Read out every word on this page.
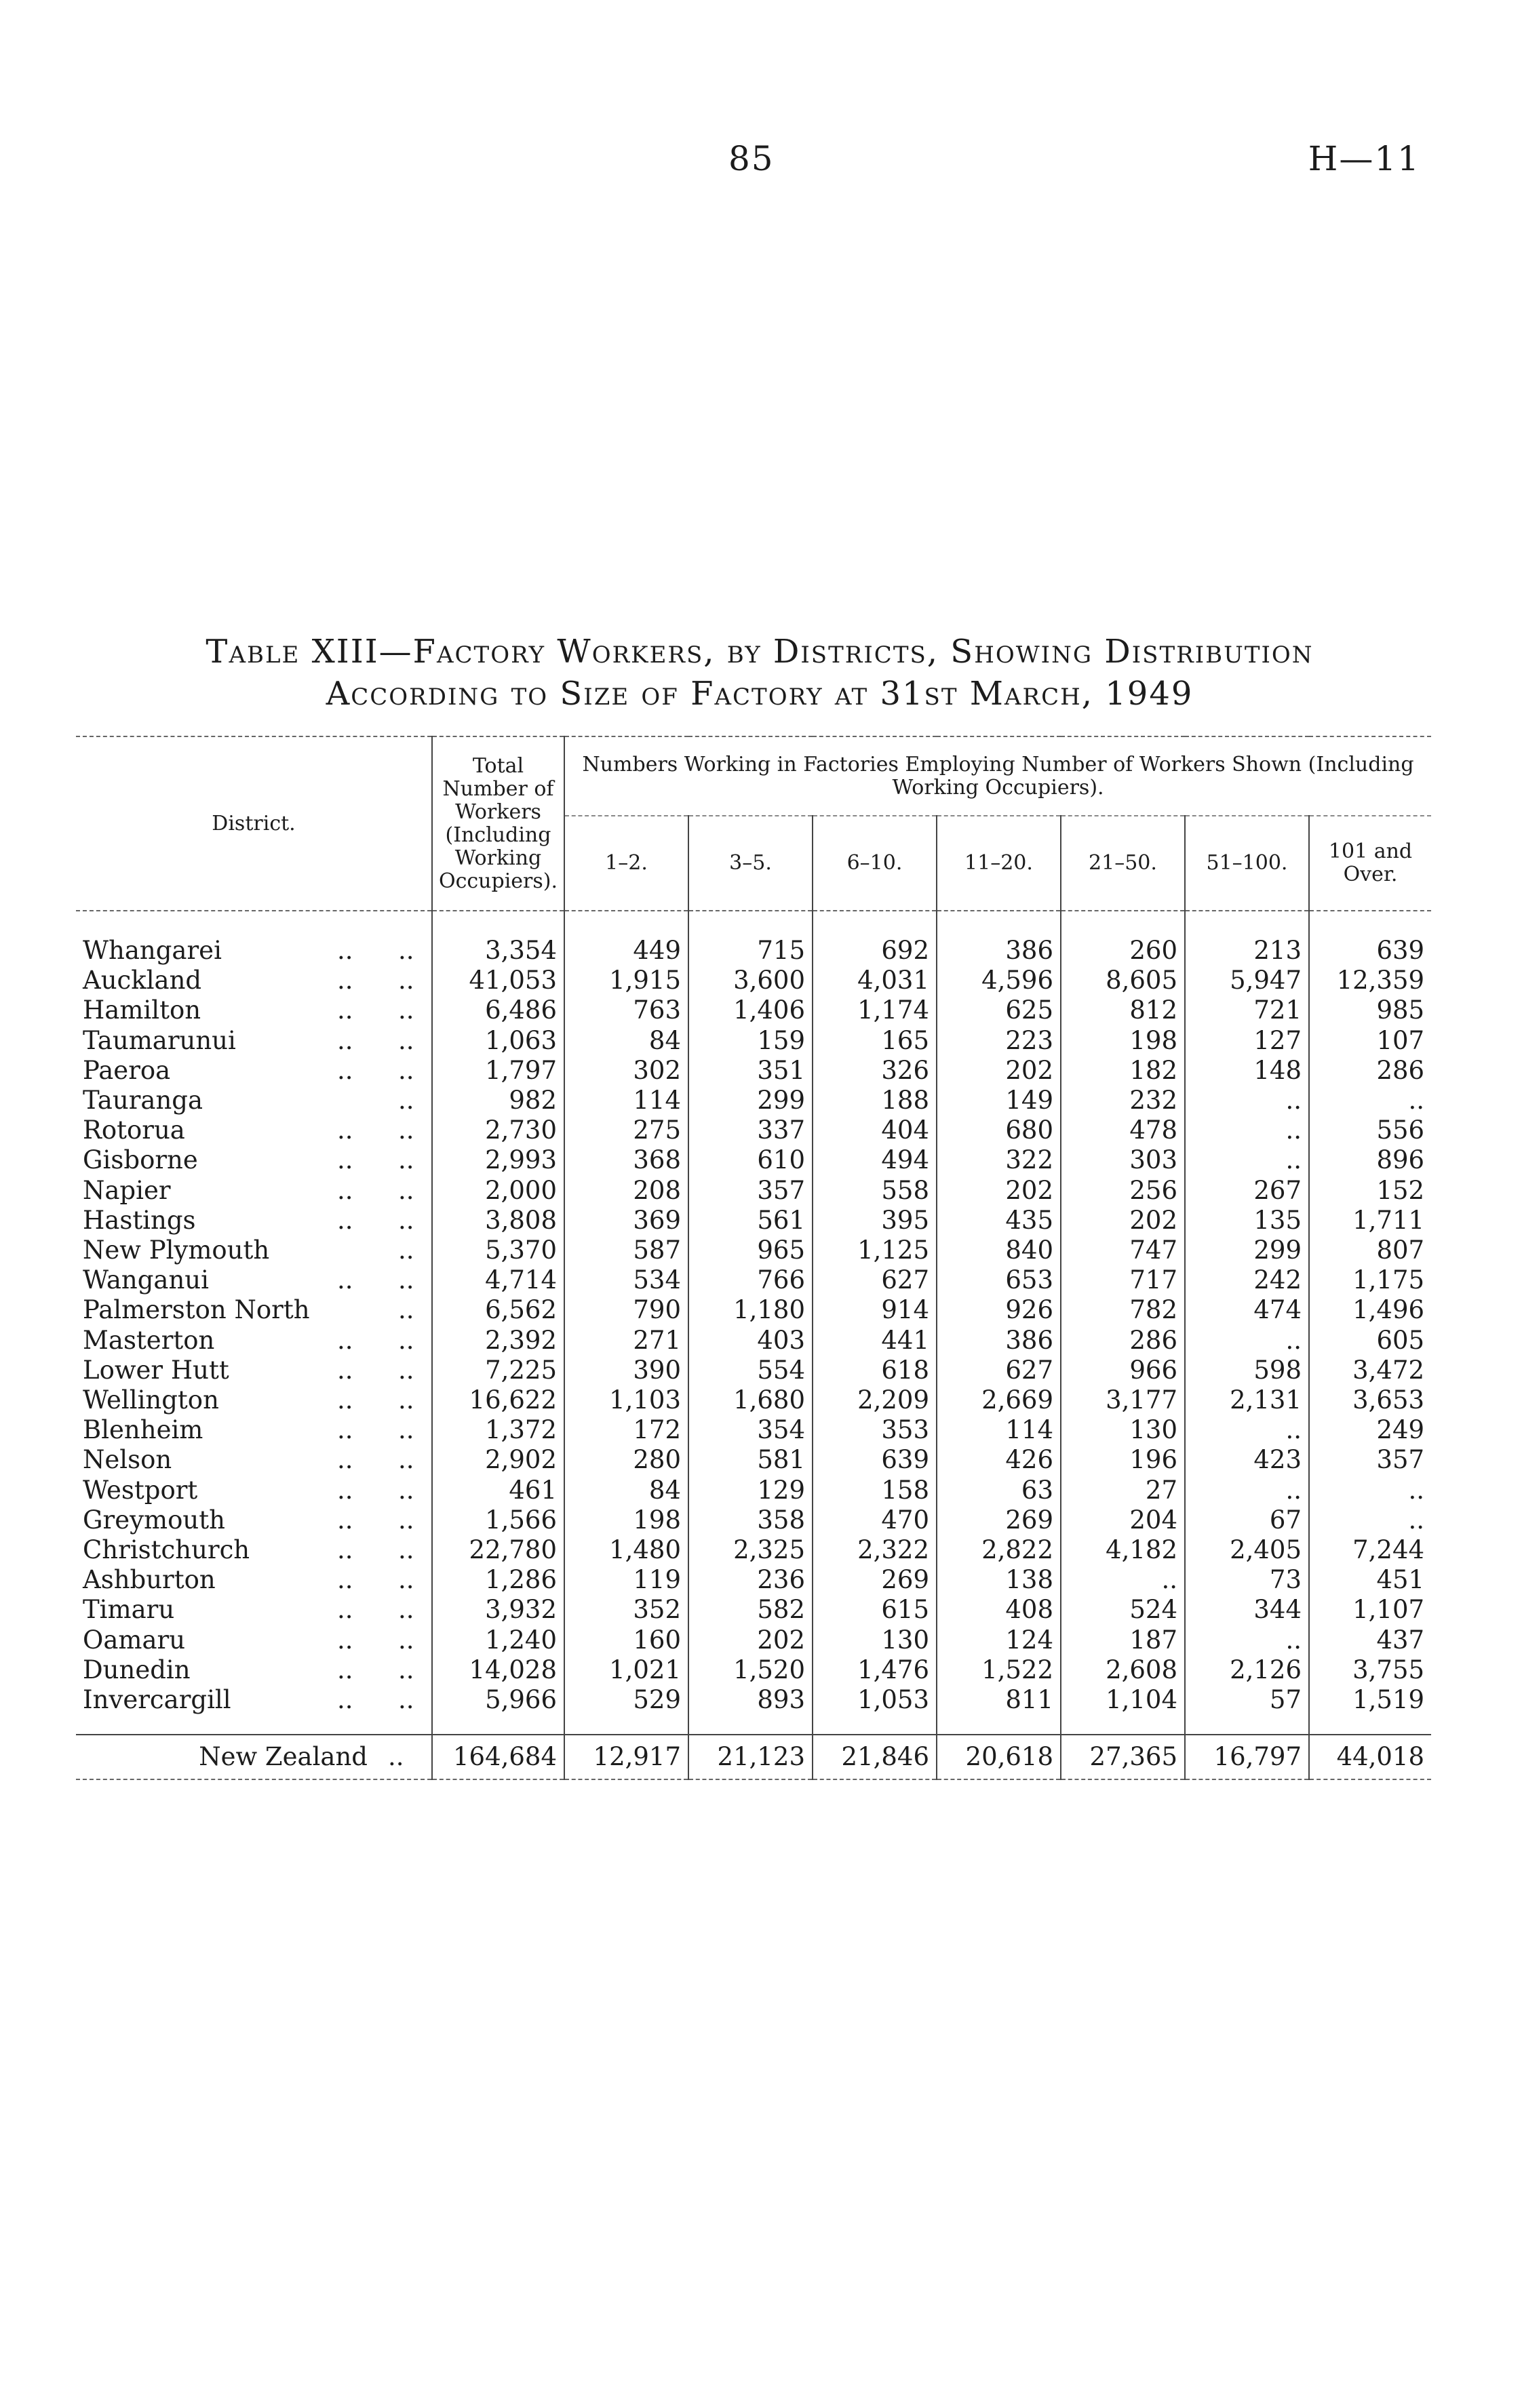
85	H—11
Table XIII—Factory Workers, by Districts, Showing Distribution
According to Size of Factory at 31st March, 1949
District.	Total Number of Workers (Including Working Occupiers).	Numbers Working in Factories Employing Number of Workers Shown (Including Working Occupiers).						
		1–2.	3–5.	6–10.	11–20.	21–50.	51–100.	101 and Over.

Whangarei .. ..	3,354	449	715	692	386	260	213	639
Auckland .. ..	41,053	1,915	3,600	4,031	4,596	8,605	5,947	12,359
Hamilton .. ..	6,486	763	1,406	1,174	625	812	721	985
Taumarunui .. ..	1,063	84	159	165	223	198	127	107
Paeroa .. ..	1,797	302	351	326	202	182	148	286
Tauranga ..	982	114	299	188	149	232	..	..
Rotorua .. ..	2,730	275	337	404	680	478	..	556
Gisborne .. ..	2,993	368	610	494	322	303	..	896
Napier .. ..	2,000	208	357	558	202	256	267	152
Hastings .. ..	3,808	369	561	395	435	202	135	1,711
New Plymouth ..	5,370	587	965	1,125	840	747	299	807
Wanganui .. ..	4,714	534	766	627	653	717	242	1,175
Palmerston North ..	6,562	790	1,180	914	926	782	474	1,496
Masterton .. ..	2,392	271	403	441	386	286	..	605
Lower Hutt .. ..	7,225	390	554	618	627	966	598	3,472
Wellington .. ..	16,622	1,103	1,680	2,209	2,669	3,177	2,131	3,653
Blenheim .. ..	1,372	172	354	353	114	130	..	249
Nelson .. ..	2,902	280	581	639	426	196	423	357
Westport .. ..	461	84	129	158	63	27	..	..
Greymouth .. ..	1,566	198	358	470	269	204	67	..
Christchurch .. ..	22,780	1,480	2,325	2,322	2,822	4,182	2,405	7,244
Ashburton .. ..	1,286	119	236	269	138	..	73	451
Timaru .. ..	3,932	352	582	615	408	524	344	1,107
Oamaru .. ..	1,240	160	202	130	124	187	..	437
Dunedin .. ..	14,028	1,021	1,520	1,476	1,522	2,608	2,126	3,755
Invercargill .. ..	5,966	529	893	1,053	811	1,104	57	1,519

New Zealand ..	164,684	12,917	21,123	21,846	20,618	27,365	16,797	44,018
